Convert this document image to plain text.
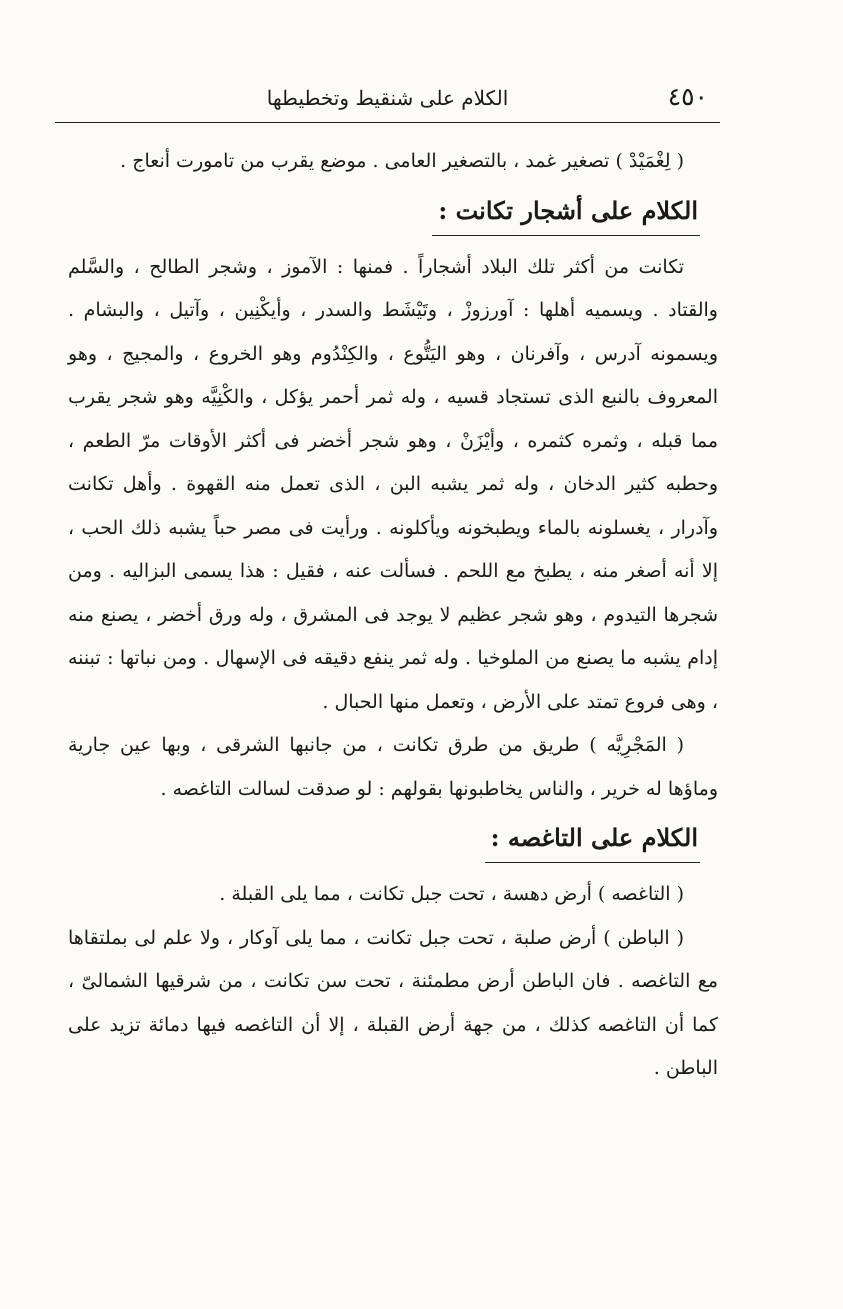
٤٥٠
الكلام على شنقيط وتخطيطها

( لِغْمَيْدْ ) تصغير غمد ، بالتصغير العامى . موضع يقرب من تامورت أنعاج .

الكلام على أشجار تكانت :

تكانت من أكثر تلك البلاد أشجاراً . فمنها : الآموز ، وشجر الطالح ، والسَّلم والقتاد . ويسميه أهلها : آورزوزْ ، وتَيْشَط والسدر ، وأيكْنِين ، وآتيل ، والبشام . ويسمونه آدرس ، وآفرنان ، وهو اليَتُّوع ، والكِنْدُوم وهو الخروع ، والمجيج ، وهو المعروف بالنبع الذى تستجاد قسيه ، وله ثمر أحمر يؤكل ، والكْنِيَّه وهو شجر يقرب مما قبله ، وثمره كثمره ، وأيْزَنْ ، وهو شجر أخضر فى أكثر الأوقات مرّ الطعم ، وحطبه كثير الدخان ، وله ثمر يشبه البن ، الذى تعمل منه القهوة . وأهل تكانت وآدرار ، يغسلونه بالماء ويطبخونه ويأكلونه . ورأيت فى مصر حباً يشبه ذلك الحب ، إلا أنه أصغر منه ، يطبخ مع اللحم . فسألت عنه ، فقيل : هذا يسمى البزاليه . ومن شجرها التيدوم ، وهو شجر عظيم لا يوجد فى المشرق ، وله ورق أخضر ، يصنع منه إدام يشبه ما يصنع من الملوخيا . وله ثمر ينفع دقيقه فى الإسهال . ومن نباتها : تبننه ، وهى فروع تمتد على الأرض ، وتعمل منها الحبال .

( المَجْرِيَّه ) طريق من طرق تكانت ، من جانبها الشرقى ، وبها عين جارية وماؤها له خرير ، والناس يخاطبونها بقولهم : لو صدقت لسالت التاغصه .

الكلام على التاغصه :

( التاغصه ) أرض دهسة ، تحت جبل تكانت ، مما يلى القبلة .

( الباطن ) أرض صلبة ، تحت جبل تكانت ، مما يلى آوكار ، ولا علم لى بملتقاها مع التاغصه . فان الباطن أرض مطمئنة ، تحت سن تكانت ، من شرقيها الشمالىّ ، كما أن التاغصه كذلك ، من جهة أرض القبلة ، إلا أن التاغصه فيها دمائة تزيد على الباطن .
